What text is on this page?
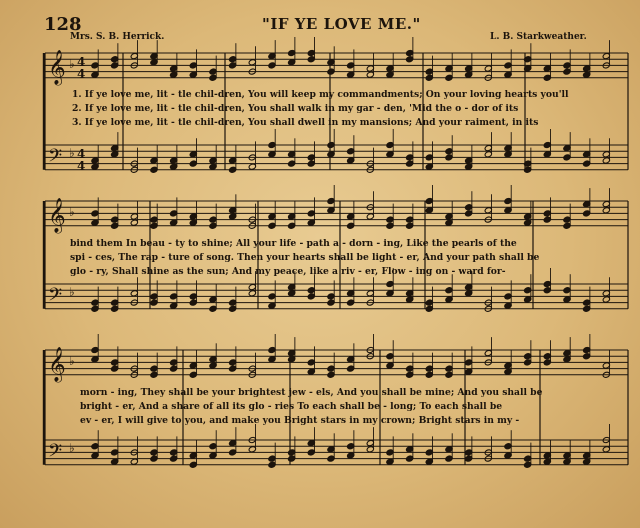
𝄞
𝄢
♭
♭
𝄞
𝄢
♭
♭
𝄞
𝄢
♭
♭
4
4
4
4
128	"IF YE LOVE ME."
Mrs. S. B. Herrick.	L. B. Starkweather.
1. If ye love me, lit - tle chil-dren, You will keep my commandments; On your loving hearts you'll
2. If ye love me, lit - tle chil-dren, You shall walk in my gar - den, 'Mid the o - dor of its
3. If ye love me, lit - tle chil-dren, You shall dwell in my mansions; And your raiment, in its
bind them In beau - ty to shine; All your life - path a - dorn - ing, Like the pearls of the
spi - ces, The rap - ture of song. Then your hearts shall be light - er, And your path shall be
glo - ry, Shall shine as the sun; And my peace, like a riv - er, Flow - ing on - ward for-
morn - ing, They shall be your brightest jew - els, And you shall be mine; And you shall be
bright - er, And a share of all its glo - ries To each shall be - long; To each shall be
ev - er, I will give to you, and make you Bright stars in my crown; Bright stars in my -
